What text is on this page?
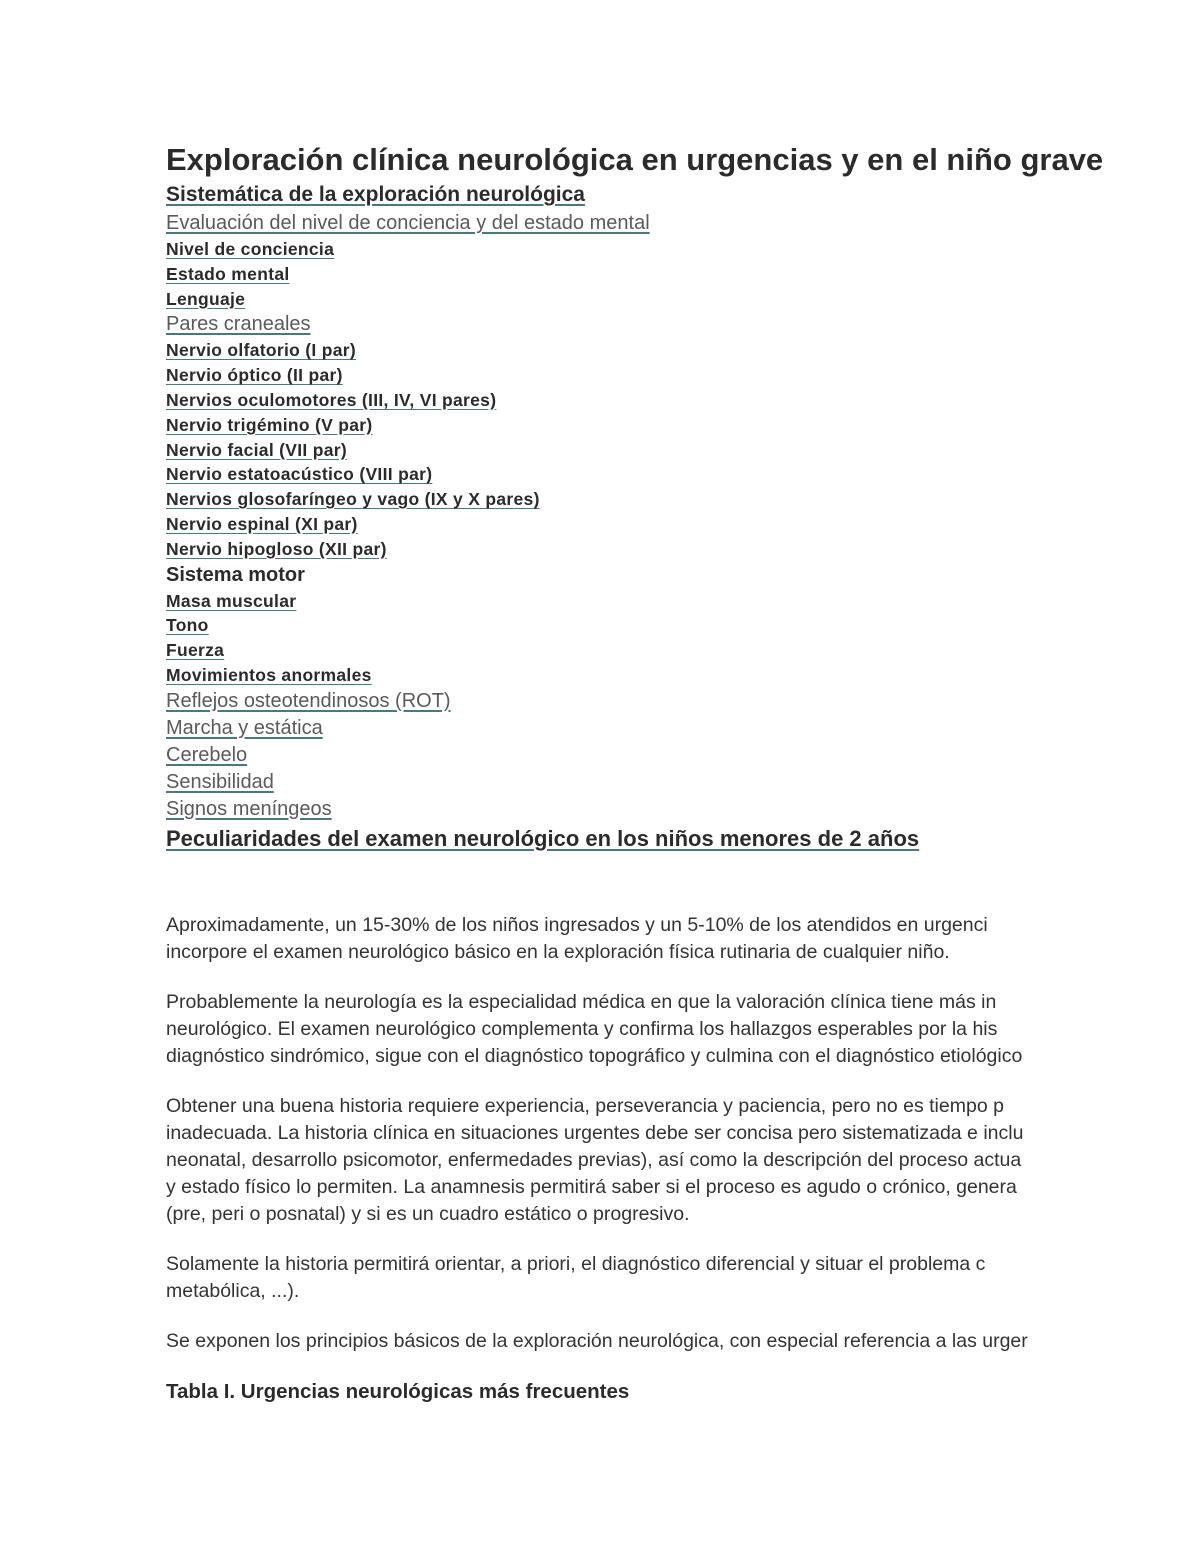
Exploración clínica neurológica en urgencias y en el niño grave
Sistemática de la exploración neurológica
Evaluación del nivel de conciencia y del estado mental
Nivel de conciencia
Estado mental
Lenguaje
Pares craneales
Nervio olfatorio (I par)
Nervio óptico (II par)
Nervios oculomotores (III, IV, VI pares)
Nervio trigémino (V par)
Nervio facial (VII par)
Nervio estatoacústico (VIII par)
Nervios glosofaríngeo y vago (IX y X pares)
Nervio espinal (XI par)
Nervio hipogloso (XII par)
Sistema motor
Masa muscular
Tono
Fuerza
Movimientos anormales
Reflejos osteotendinosos (ROT)
Marcha y estática
Cerebelo
Sensibilidad
Signos meníngeos
Peculiaridades del examen neurológico en los niños menores de 2 años

Aproximadamente, un 15-30% de los niños ingresados y un 5-10% de los atendidos en urgenci
incorpore el examen neurológico básico en la exploración física rutinaria de cualquier niño.

Probablemente la neurología es la especialidad médica en que la valoración clínica tiene más in
neurológico. El examen neurológico complementa y confirma los hallazgos esperables por la his
diagnóstico sindrómico, sigue con el diagnóstico topográfico y culmina con el diagnóstico etiológico

Obtener una buena historia requiere experiencia, perseverancia y paciencia, pero no es tiempo p
inadecuada. La historia clínica en situaciones urgentes debe ser concisa pero sistematizada e inclu
neonatal, desarrollo psicomotor, enfermedades previas), así como la descripción del proceso actua
y estado físico lo permiten. La anamnesis permitirá saber si el proceso es agudo o crónico, genera
(pre, peri o posnatal) y si es un cuadro estático o progresivo.

Solamente la historia permitirá orientar, a priori, el diagnóstico diferencial y situar el problema c
metabólica, ...).

Se exponen los principios básicos de la exploración neurológica, con especial referencia a las urger

Tabla I. Urgencias neurológicas más frecuentes
